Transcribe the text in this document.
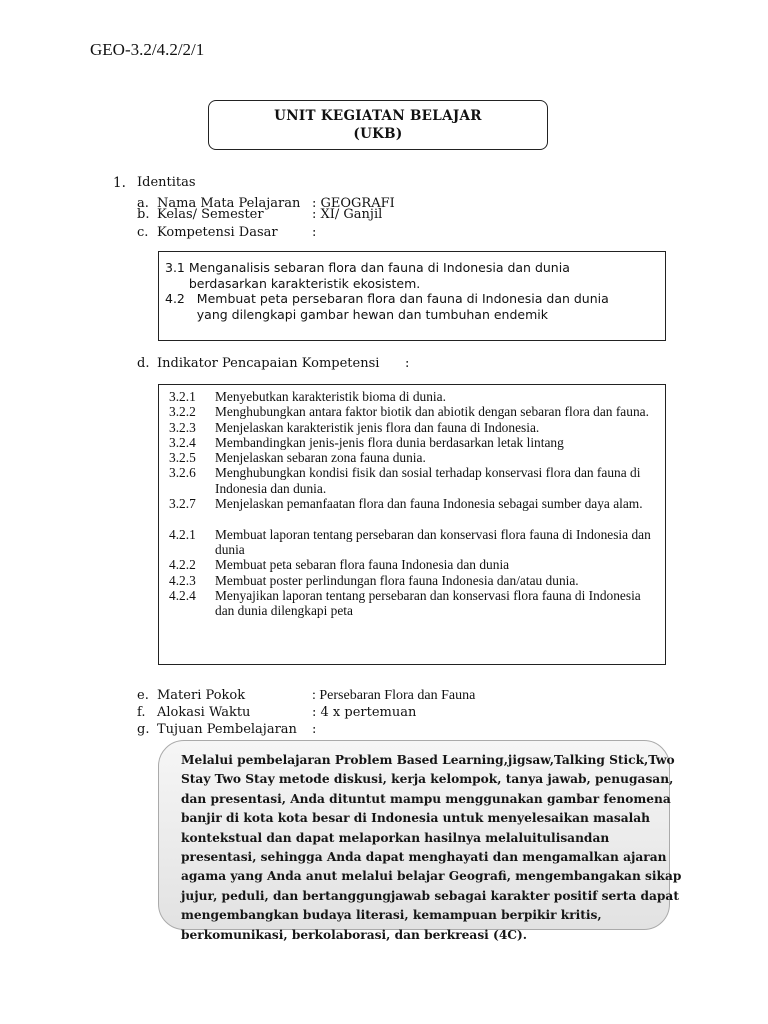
GEO-3.2/4.2/2/1
UNIT KEGIATAN BELAJAR
(UKB)
1. Identitas
a. Nama Mata Pelajaran : GEOGRAFI
b. Kelas/ Semester	: XI/ Ganjil
c. Kompetensi Dasar	:
3.1 Menganalisis sebaran flora dan fauna di Indonesia dan dunia
berdasarkan karakteristik ekosistem.
4.2   Membuat peta persebaran flora dan fauna di Indonesia dan dunia
yang dilengkapi gambar hewan dan tumbuhan endemik
d. Indikator Pencapaian Kompetensi :
3.2.1	Menyebutkan karakteristik bioma di dunia.
3.2.2	Menghubungkan antara faktor biotik dan abiotik dengan sebaran flora dan fauna.
3.2.3	Menjelaskan karakteristik jenis flora dan fauna di Indonesia.
3.2.4	Membandingkan jenis-jenis flora dunia berdasarkan letak lintang
3.2.5	Menjelaskan sebaran zona fauna dunia.
3.2.6	Menghubungkan kondisi fisik dan sosial terhadap konservasi flora dan fauna di Indonesia dan dunia.
3.2.7	Menjelaskan pemanfaatan flora dan fauna Indonesia sebagai sumber daya alam.
4.2.1	Membuat laporan tentang persebaran dan konservasi flora fauna di Indonesia dan dunia
4.2.2	Membuat peta sebaran flora fauna Indonesia dan dunia
4.2.3	Membuat poster perlindungan flora fauna Indonesia dan/atau dunia.
4.2.4	Menyajikan laporan tentang persebaran dan konservasi flora fauna di Indonesia dan dunia dilengkapi peta
e. Materi Pokok	: Persebaran Flora dan Fauna
f. Alokasi Waktu	: 4 x pertemuan
g. Tujuan Pembelajaran :
Melalui pembelajaran Problem Based Learning,jigsaw,Talking Stick,Two
Stay Two Stay metode diskusi, kerja kelompok, tanya jawab, penugasan,
dan presentasi, Anda dituntut mampu menggunakan gambar fenomena
banjir di kota kota besar di Indonesia untuk menyelesaikan masalah
kontekstual dan dapat melaporkan hasilnya melaluitulisandan
presentasi, sehingga Anda dapat menghayati dan mengamalkan ajaran
agama yang Anda anut melalui belajar Geografi, mengembangakan sikap
jujur, peduli, dan bertanggungjawab sebagai karakter positif serta dapat
mengembangkan budaya literasi, kemampuan berpikir kritis,
berkomunikasi, berkolaborasi, dan berkreasi (4C).
